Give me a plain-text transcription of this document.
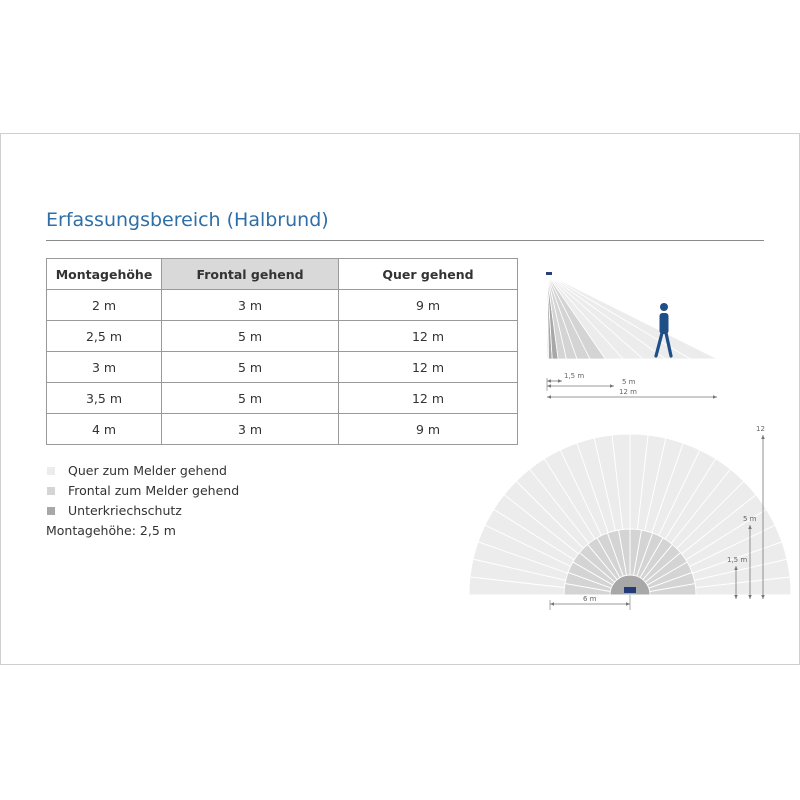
Erfassungsbereich (Halbrund)
Montagehöhe	Frontal gehend	Quer gehend
2 m	3 m	9 m
2,5 m	5 m	12 m
3 m	5 m	12 m
3,5 m	5 m	12 m
4 m	3 m	9 m
Quer zum Melder gehend
Frontal zum Melder gehend
Unterkriechschutz
Montagehöhe: 2,5 m
1,5 m
5 m
12 m
6 m
12
5 m
1,5 m
